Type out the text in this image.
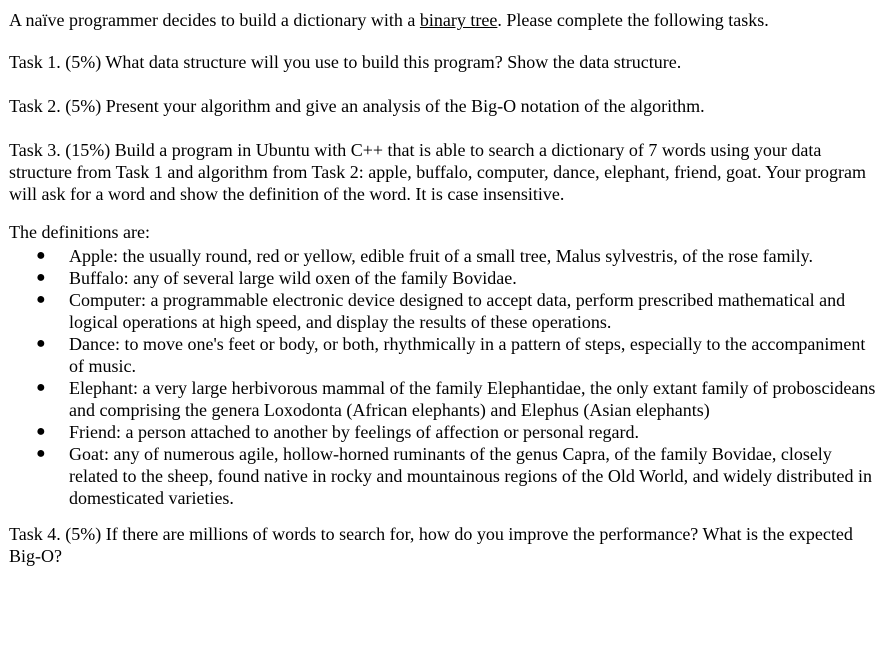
A naïve programmer decides to build a dictionary with a binary tree. Please complete the following tasks.

Task 1. (5%) What data structure will you use to build this program? Show the data structure.

Task 2. (5%) Present your algorithm and give an analysis of the Big-O notation of the algorithm.

Task 3. (15%) Build a program in Ubuntu with C++ that is able to search a dictionary of 7 words using your data structure from Task 1 and algorithm from Task 2: apple, buffalo, computer, dance, elephant, friend, goat. Your program will ask for a word and show the definition of the word. It is case insensitive.

The definitions are:

● Apple: the usually round, red or yellow, edible fruit of a small tree, Malus sylvestris, of the rose family.
● Buffalo: any of several large wild oxen of the family Bovidae.
● Computer: a programmable electronic device designed to accept data, perform prescribed mathematical and logical operations at high speed, and display the results of these operations.
● Dance: to move one's feet or body, or both, rhythmically in a pattern of steps, especially to the accompaniment of music.
● Elephant: a very large herbivorous mammal of the family Elephantidae, the only extant family of proboscideans and comprising the genera Loxodonta (African elephants) and Elephus (Asian elephants)
● Friend: a person attached to another by feelings of affection or personal regard.
● Goat: any of numerous agile, hollow-horned ruminants of the genus Capra, of the family Bovidae, closely related to the sheep, found native in rocky and mountainous regions of the Old World, and widely distributed in domesticated varieties.

Task 4. (5%) If there are millions of words to search for, how do you improve the performance? What is the expected Big-O?
